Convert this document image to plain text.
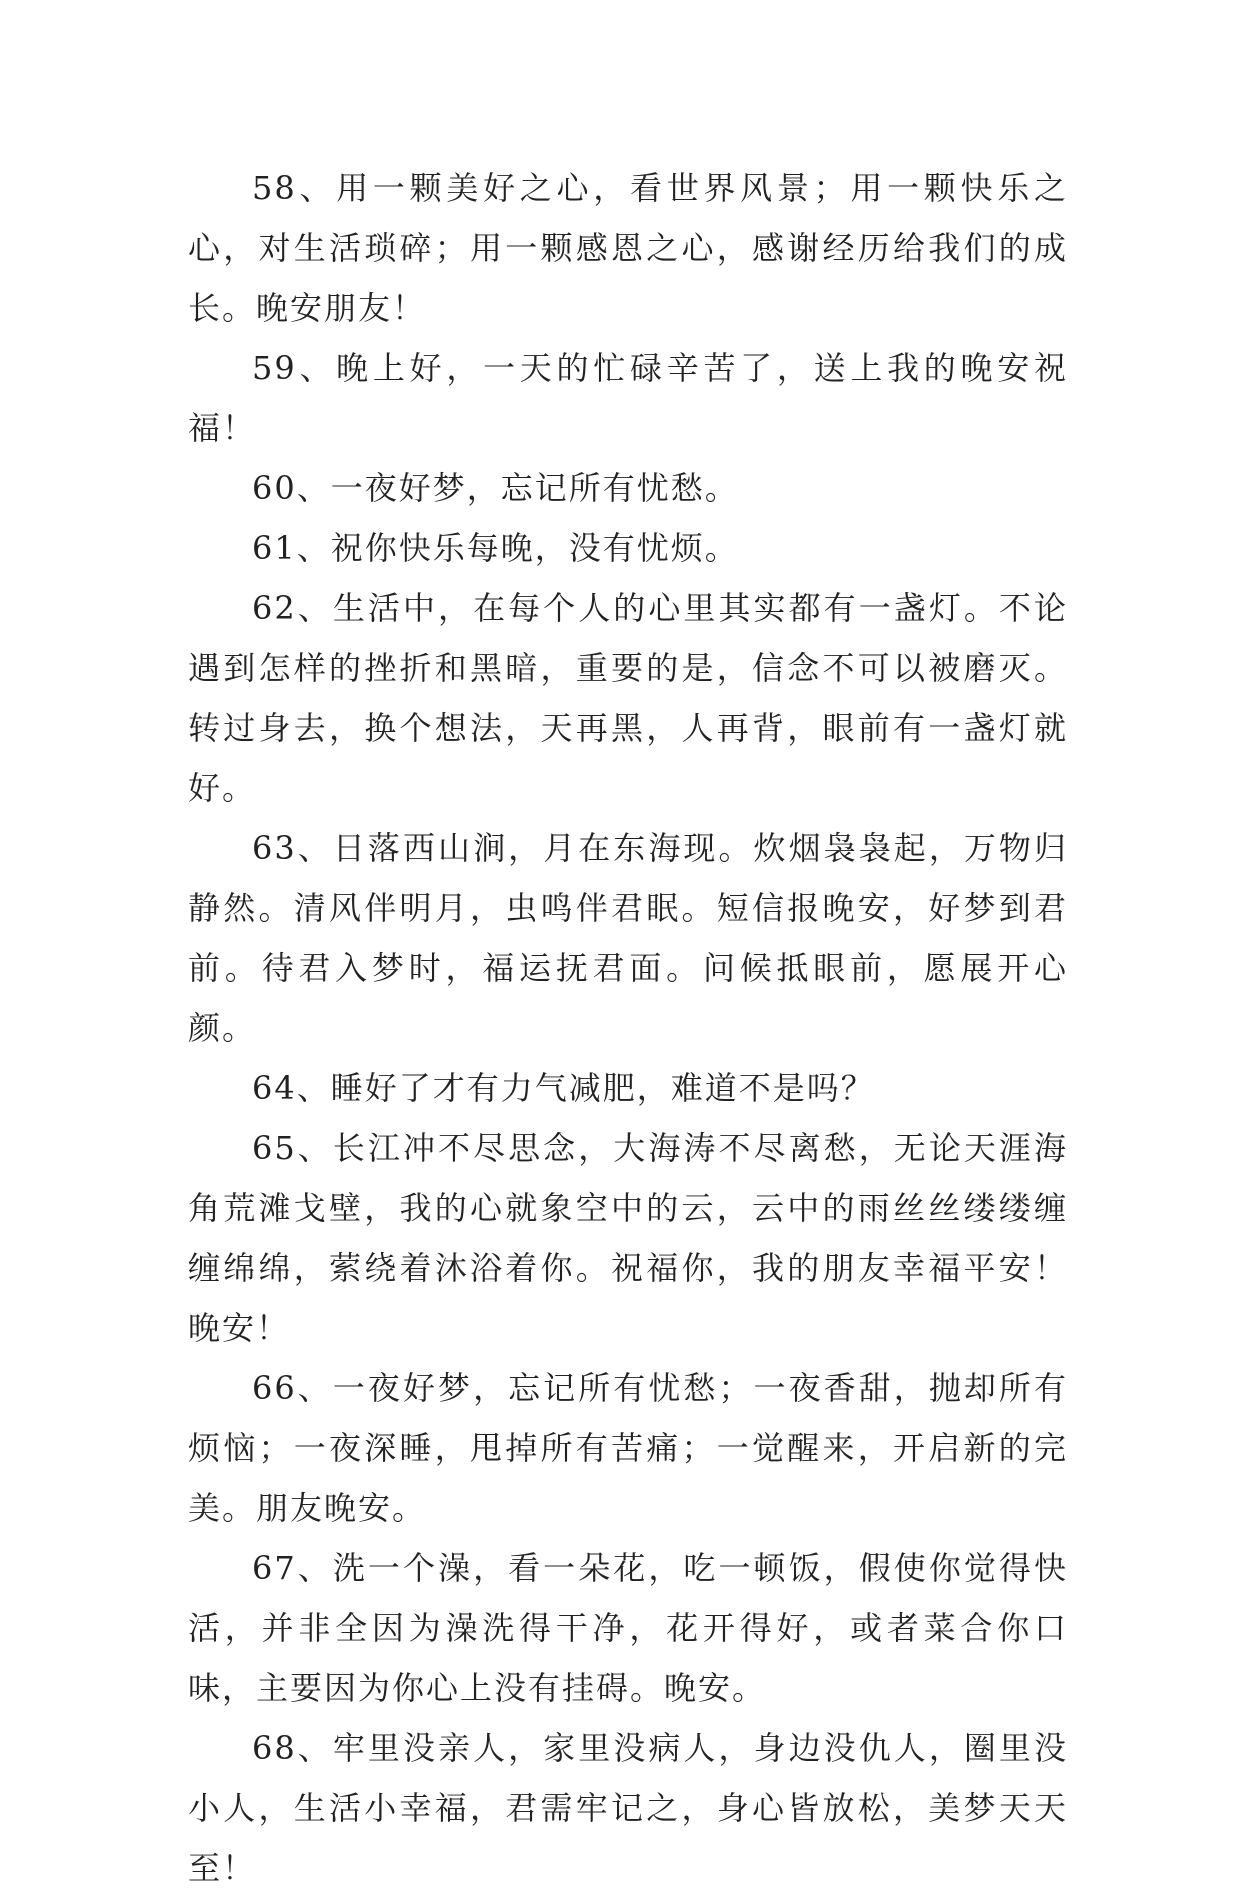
58、用一颗美好之心，看世界风景；用一颗快乐之心，对生活琐碎；用一颗感恩之心，感谢经历给我们的成长。晚安朋友！

59、晚上好，一天的忙碌辛苦了，送上我的晚安祝福！

60、一夜好梦，忘记所有忧愁。

61、祝你快乐每晚，没有忧烦。

62、生活中，在每个人的心里其实都有一盏灯。不论遇到怎样的挫折和黑暗，重要的是，信念不可以被磨灭。转过身去，换个想法，天再黑，人再背，眼前有一盏灯就好。

63、日落西山涧，月在东海现。炊烟袅袅起，万物归静然。清风伴明月，虫鸣伴君眠。短信报晚安，好梦到君前。待君入梦时，福运抚君面。问候抵眼前，愿展开心颜。

64、睡好了才有力气减肥，难道不是吗？

65、长江冲不尽思念，大海涛不尽离愁，无论天涯海角荒滩戈壁，我的心就象空中的云，云中的雨丝丝缕缕缠缠绵绵，萦绕着沐浴着你。祝福你，我的朋友幸福平安！晚安！

66、一夜好梦，忘记所有忧愁；一夜香甜，抛却所有烦恼；一夜深睡，甩掉所有苦痛；一觉醒来，开启新的完美。朋友晚安。

67、洗一个澡，看一朵花，吃一顿饭，假使你觉得快活，并非全因为澡洗得干净，花开得好，或者菜合你口味，主要因为你心上没有挂碍。晚安。

68、牢里没亲人，家里没病人，身边没仇人，圈里没小人，生活小幸福，君需牢记之，身心皆放松，美梦天天至！
